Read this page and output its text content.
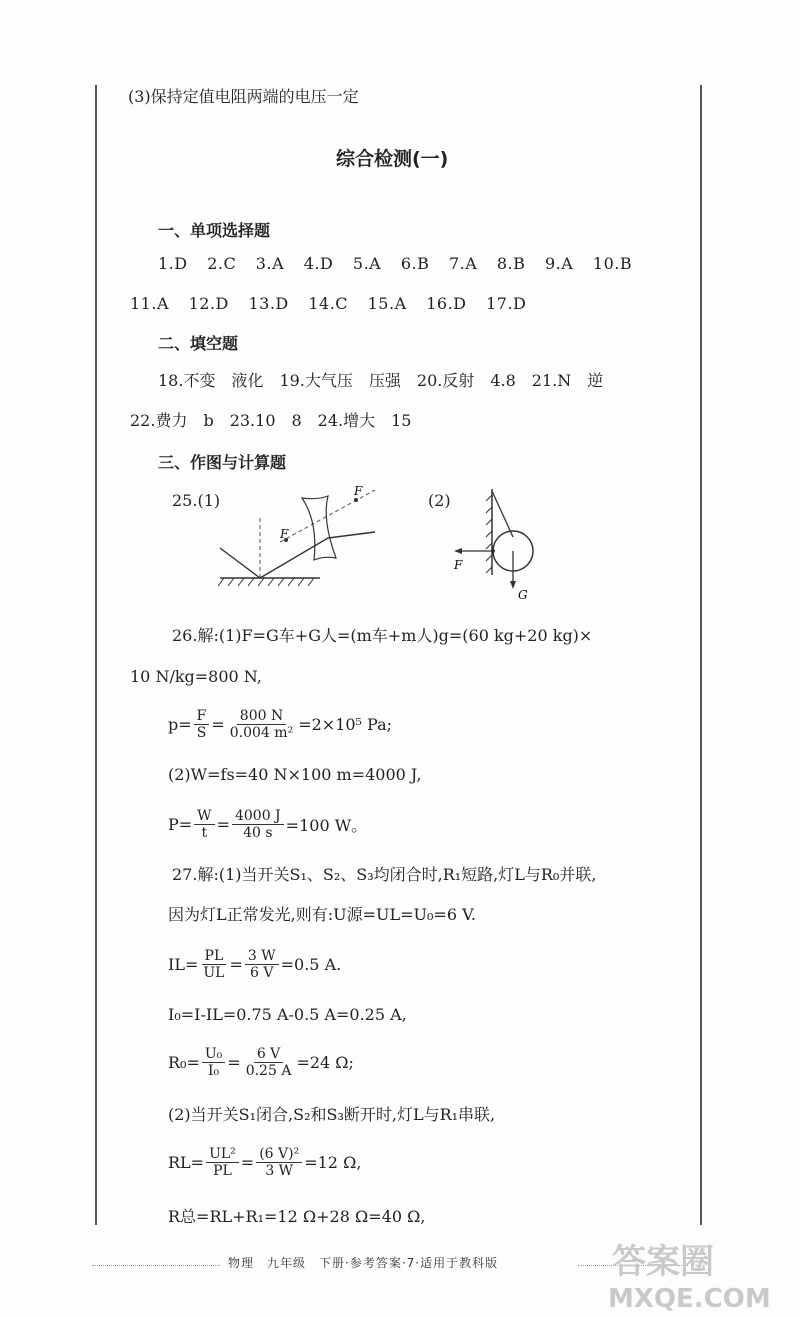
(3)保持定值电阻两端的电压一定
综合检测(一)
一、单项选择题
1.D 2.C 3.A 4.D 5.A 6.B 7.A 8.B 9.A 10.B
11.A 12.D 13.D 14.C 15.A 16.D 17.D
二、填空题
18.不变　液化　19.大气压　压强　20.反射　4.8　21.N　逆
22.费力　b　23.10　8　24.增大　15
三、作图与计算题
25.(1)	(2)
F
F
F
G
26.解:(1)F=G车+G人=(m车+m人)g=(60 kg+20 kg)×
10 N/kg=800 N,
$p= \frac{F}{S} = \frac{800 N}{\text{0.004 m²}} =2\times 10^5$ Pa;
(2)W=fs=40 N×100 m=4000 J,
$P= \frac{W}{t} = \frac{4000 J}{40 s} =100$ W。
27.解:(1)当开关S₁、S₂、S₃均闭合时,R₁短路,灯L与R₀并联,
因为灯L正常发光,则有:U源=UL=U₀=6 V.
$IL= \frac{PL}{UL} = \frac{3 W}{6 V} =0.5$ A.
I₀=I-IL=0.75 A-0.5 A=0.25 A,
$R_0= \frac{\text{U₀}}{\text{I₀}} = \frac{6 V}{0.25 A} =24$ Ω;
(2)当开关S₁闭合,S₂和S₃断开时,灯L与R₁串联,
$RL= \frac{\text{UL²}}{PL} = \frac{\text{(6 V)²}}{3 W} =12$ Ω,
R总=RL+R₁=12 Ω+28 Ω=40 Ω,
物理　九年级　下册·参考答案·7·适用于教科版	答案圈
MXQE.COM
